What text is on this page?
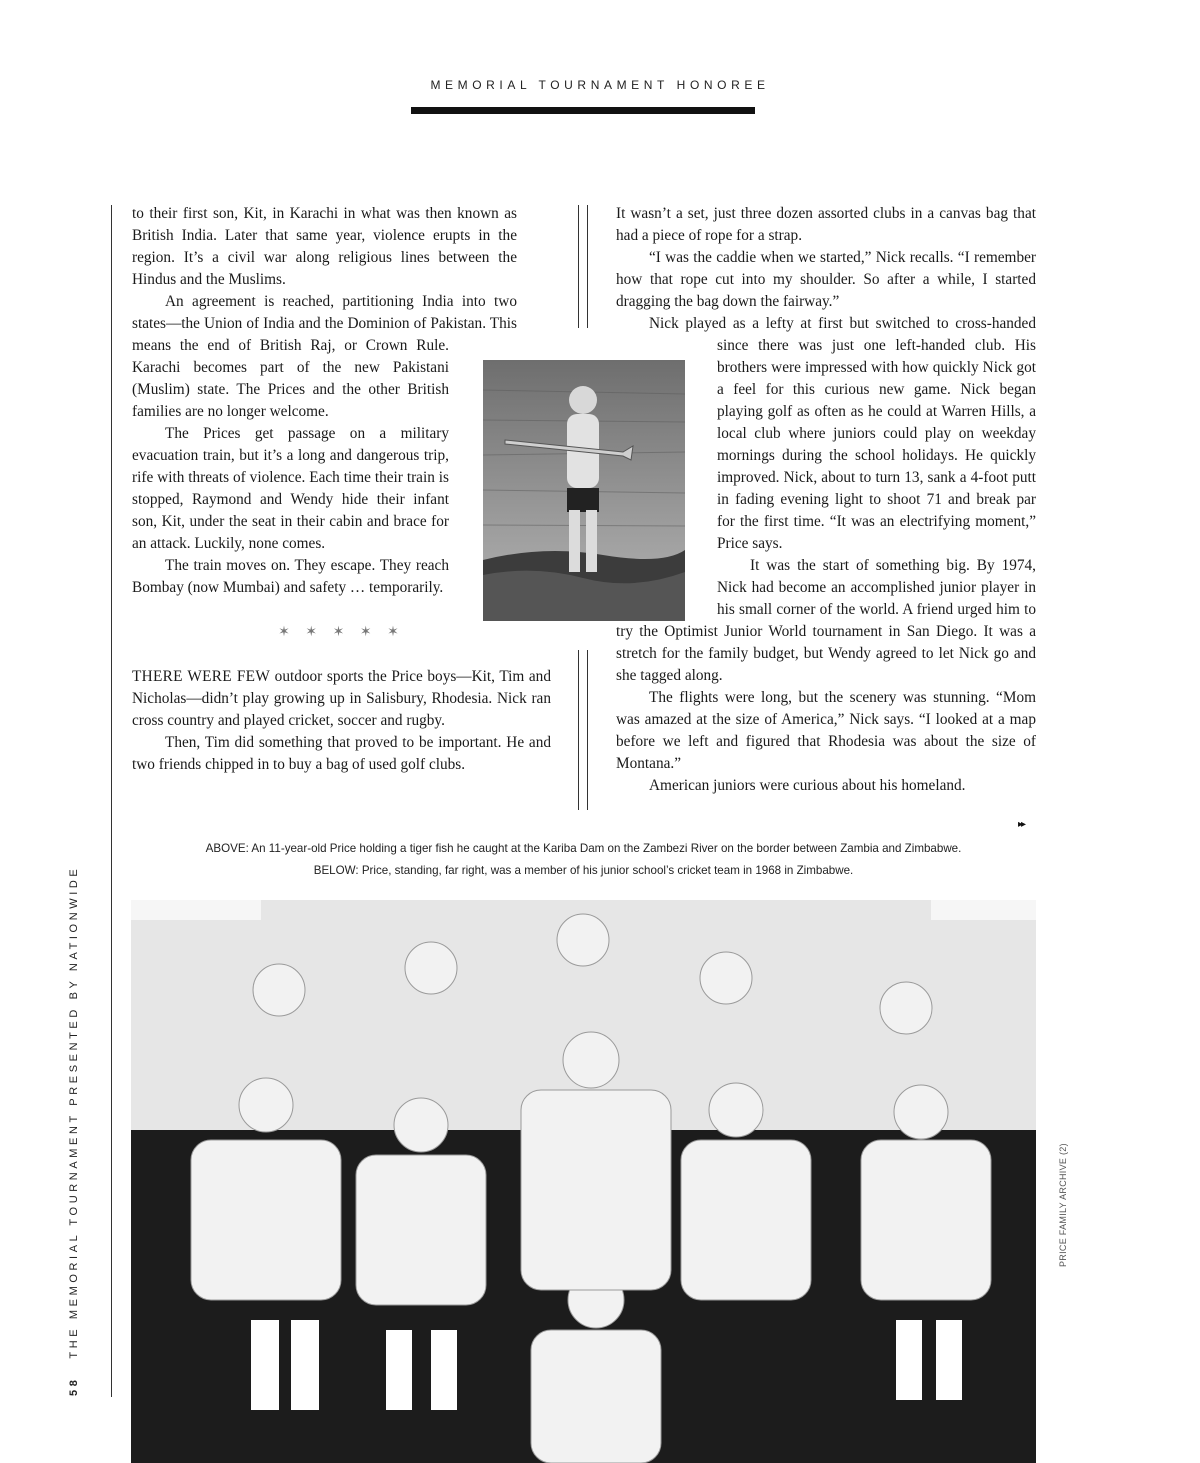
MEMORIAL TOURNAMENT HONOREE
58THE MEMORIAL TOURNAMENT PRESENTED BY NATIONWIDE

to their first son, Kit, in Karachi in what was then known as British India. Later that same year, violence erupts in the region. It’s a civil war along religious lines between the Hindus and the Muslims.

An agreement is reached, partitioning India into two states—the Union of India and the Dominion of Pakistan. This means the end of British Raj, or Crown Rule. Karachi becomes part of the new Pakistani (Muslim) state. The Prices and the other British families are no longer welcome.

The Prices get passage on a military evacuation train, but it’s a long and dangerous trip, rife with threats of violence. Each time their train is stopped, Raymond and Wendy hide their infant son, Kit, under the seat in their cabin and brace for an attack. Luckily, none comes.

The train moves on. They escape. They reach Bombay (now Mumbai) and safety … temporarily.

✶ ✶ ✶ ✶ ✶

THERE WERE FEW outdoor sports the Price boys—Kit, Tim and Nicholas—didn’t play growing up in Salisbury, Rhodesia. Nick ran cross country and played cricket, soccer and rugby.

Then, Tim did something that proved to be important. He and two friends chipped in to buy a bag of used golf clubs.

It wasn’t a set, just three dozen assorted clubs in a canvas bag that had a piece of rope for a strap.

“I was the caddie when we started,” Nick recalls. “I remember how that rope cut into my shoulder. So after a while, I started dragging the bag down the fairway.”

Nick played as a lefty at first but switched to cross-handed since there was just one left-handed club. His brothers were impressed with how quickly Nick got a feel for this curious new game. Nick began playing golf as often as he could at Warren Hills, a local club where juniors could play on weekday mornings during the school holidays. He quickly improved. Nick, about to turn 13, sank a 4-foot putt in fading evening light to shoot 71 and break par for the first time. “It was an electrifying moment,” Price says.

It was the start of something big. By 1974, Nick had become an accomplished junior player in his small corner of the world. A friend urged him to try the Optimist Junior World tournament in San Diego. It was a stretch for the family budget, but Wendy agreed to let Nick go and she tagged along.

The flights were long, but the scenery was stunning. “Mom was amazed at the size of America,” Nick says. “I looked at a map before we left and figured that Rhodesia was about the size of Montana.”

American juniors were curious about his homeland.

▸▸
ABOVE: An 11-year-old Price holding a tiger fish he caught at the Kariba Dam on the Zambezi River on the border between Zambia and Zimbabwe.
BELOW: Price, standing, far right, was a member of his junior school’s cricket team in 1968 in Zimbabwe.
PRICE FAMILY ARCHIVE (2)
